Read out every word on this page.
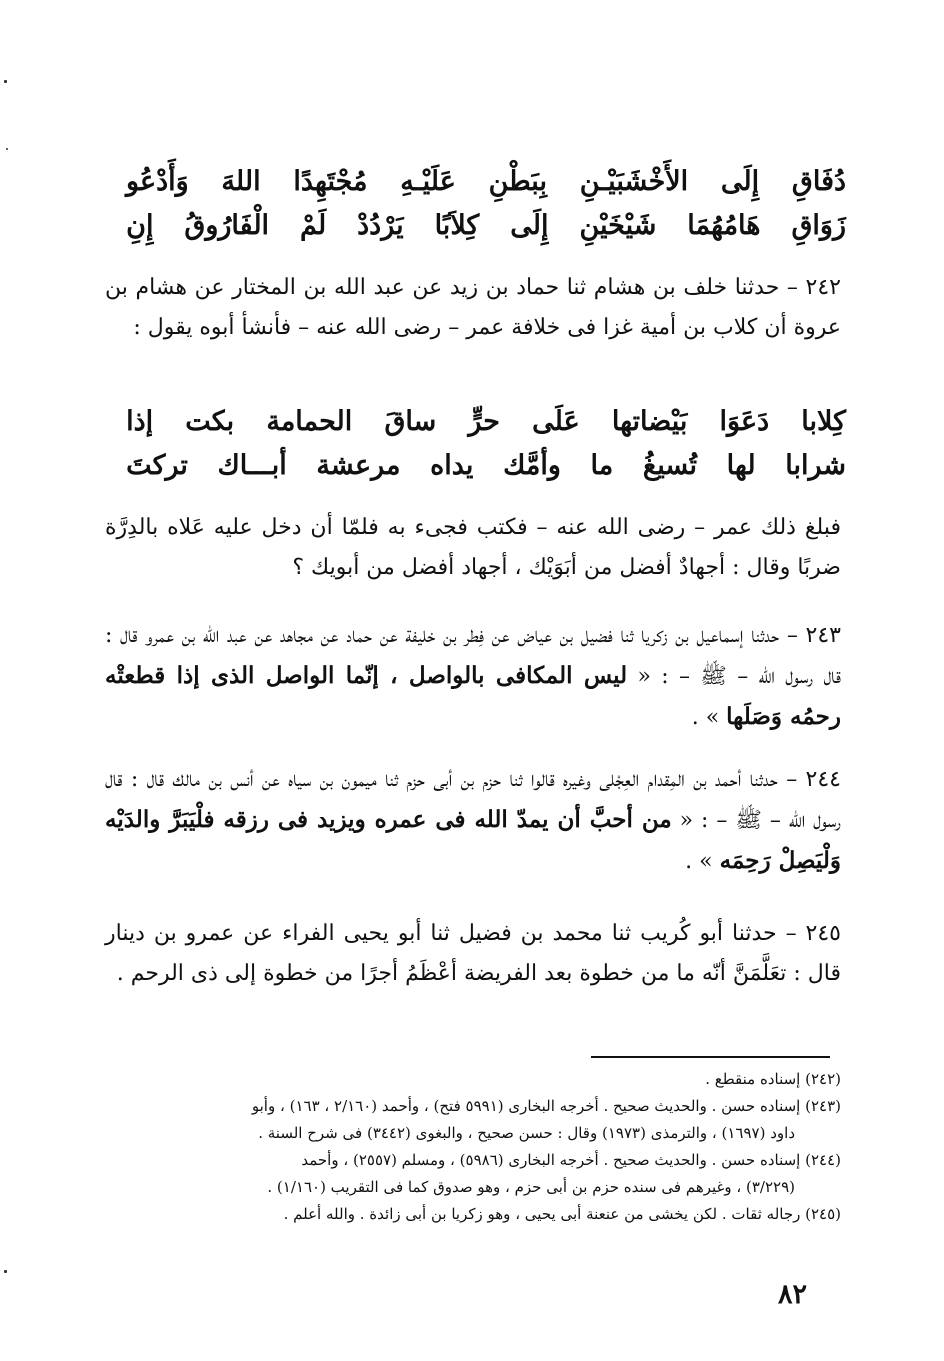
وَأَدْعُو اللهَ مُجْتَهِدًا عَلَيْـهِ بِبَطْنِ الأَخْشَبَيْـنِ إِلَى دُفَاقِ
إِنِ الْفَارُوقُ لَمْ يَرْدُدْ كِلاَبًا إِلَى شَيْخَيْنِ هَامُهُمَا زَوَاقِ

٢٤٢ – حدثنا خلف بن هشام ثنا حماد بن زيد عن عبد الله بن المختار عن هشام بن عروة أن كلاب بن أمية غزا فى خلافة عمر – رضى الله عنه – فأنشأ أبوه يقول :

إذا بكت الحمامة ساقَ حرٍّ عَلَى بَيْضاتها دَعَوَا كِلابا
تركتَ أبـــاك مرعشة يداه وأمَّك ما تُسيغُ لها شرابا

فبلغ ذلك عمر – رضى الله عنه – فكتب فجىء به فلمّا أن دخل عليه عَلاه بالدِرَّة ضربًا وقال : أجهادٌ أفضل من أبَوَيْك ، أجهاد أفضل من أبويك ؟

٢٤٣ – حدثنا إسماعيل بن زكريا ثنا فضيل بن عياض عن فِطر بن خليفة عن حماد عن مجاهد عن عبد الله بن عمرو قال : قال رسول الله – ﷺ – : « ليس المكافى بالواصل ، إنّما الواصل الذى إذا قطعتْه رحمُه وَصَلَها » .

٢٤٤ – حدثنا أحمد بن المِقدام العِجْلى وغيره قالوا ثنا حزم بن أبى حزم ثنا ميمون بن سياه عن أنس بن مالك قال : قال رسول الله – ﷺ – : « من أحبَّ أن يمدّ الله فى عمره ويزيد فى رزقه فلْيَبَرَّ والدَيْه وَلْيَصِلْ رَحِمَه » .

٢٤٥ – حدثنا أبو كُريب ثنا محمد بن فضيل ثنا أبو يحيى الفراء عن عمرو بن دينار قال : تعَلَّمَنَّ أنّه ما من خطوة بعد الفريضة أعْظَمُ أجرًا من خطوة إلى ذى الرحم .

(٢٤٢) إسناده منقطع .
(٢٤٣) إسناده حسن . والحديث صحيح . أخرجه البخارى (٥٩٩١ فتح) ، وأحمد (٢/١٦٠ ، ١٦٣) ، وأبو
داود (١٦٩٧) ، والترمذى (١٩٧٣) وقال : حسن صحيح ، والبغوى (٣٤٤٢) فى شرح السنة .
(٢٤٤) إسناده حسن . والحديث صحيح . أخرجه البخارى (٥٩٨٦) ، ومسلم (٢٥٥٧) ، وأحمد
(٣/٢٢٩) ، وغيرهم فى سنده حزم بن أبى حزم ، وهو صدوق كما فى التقريب (١/١٦٠) .
(٢٤٥) رجاله ثقات . لكن يخشى من عنعنة أبى يحيى ، وهو زكريا بن أبى زائدة . والله أعلم .
٨٢
